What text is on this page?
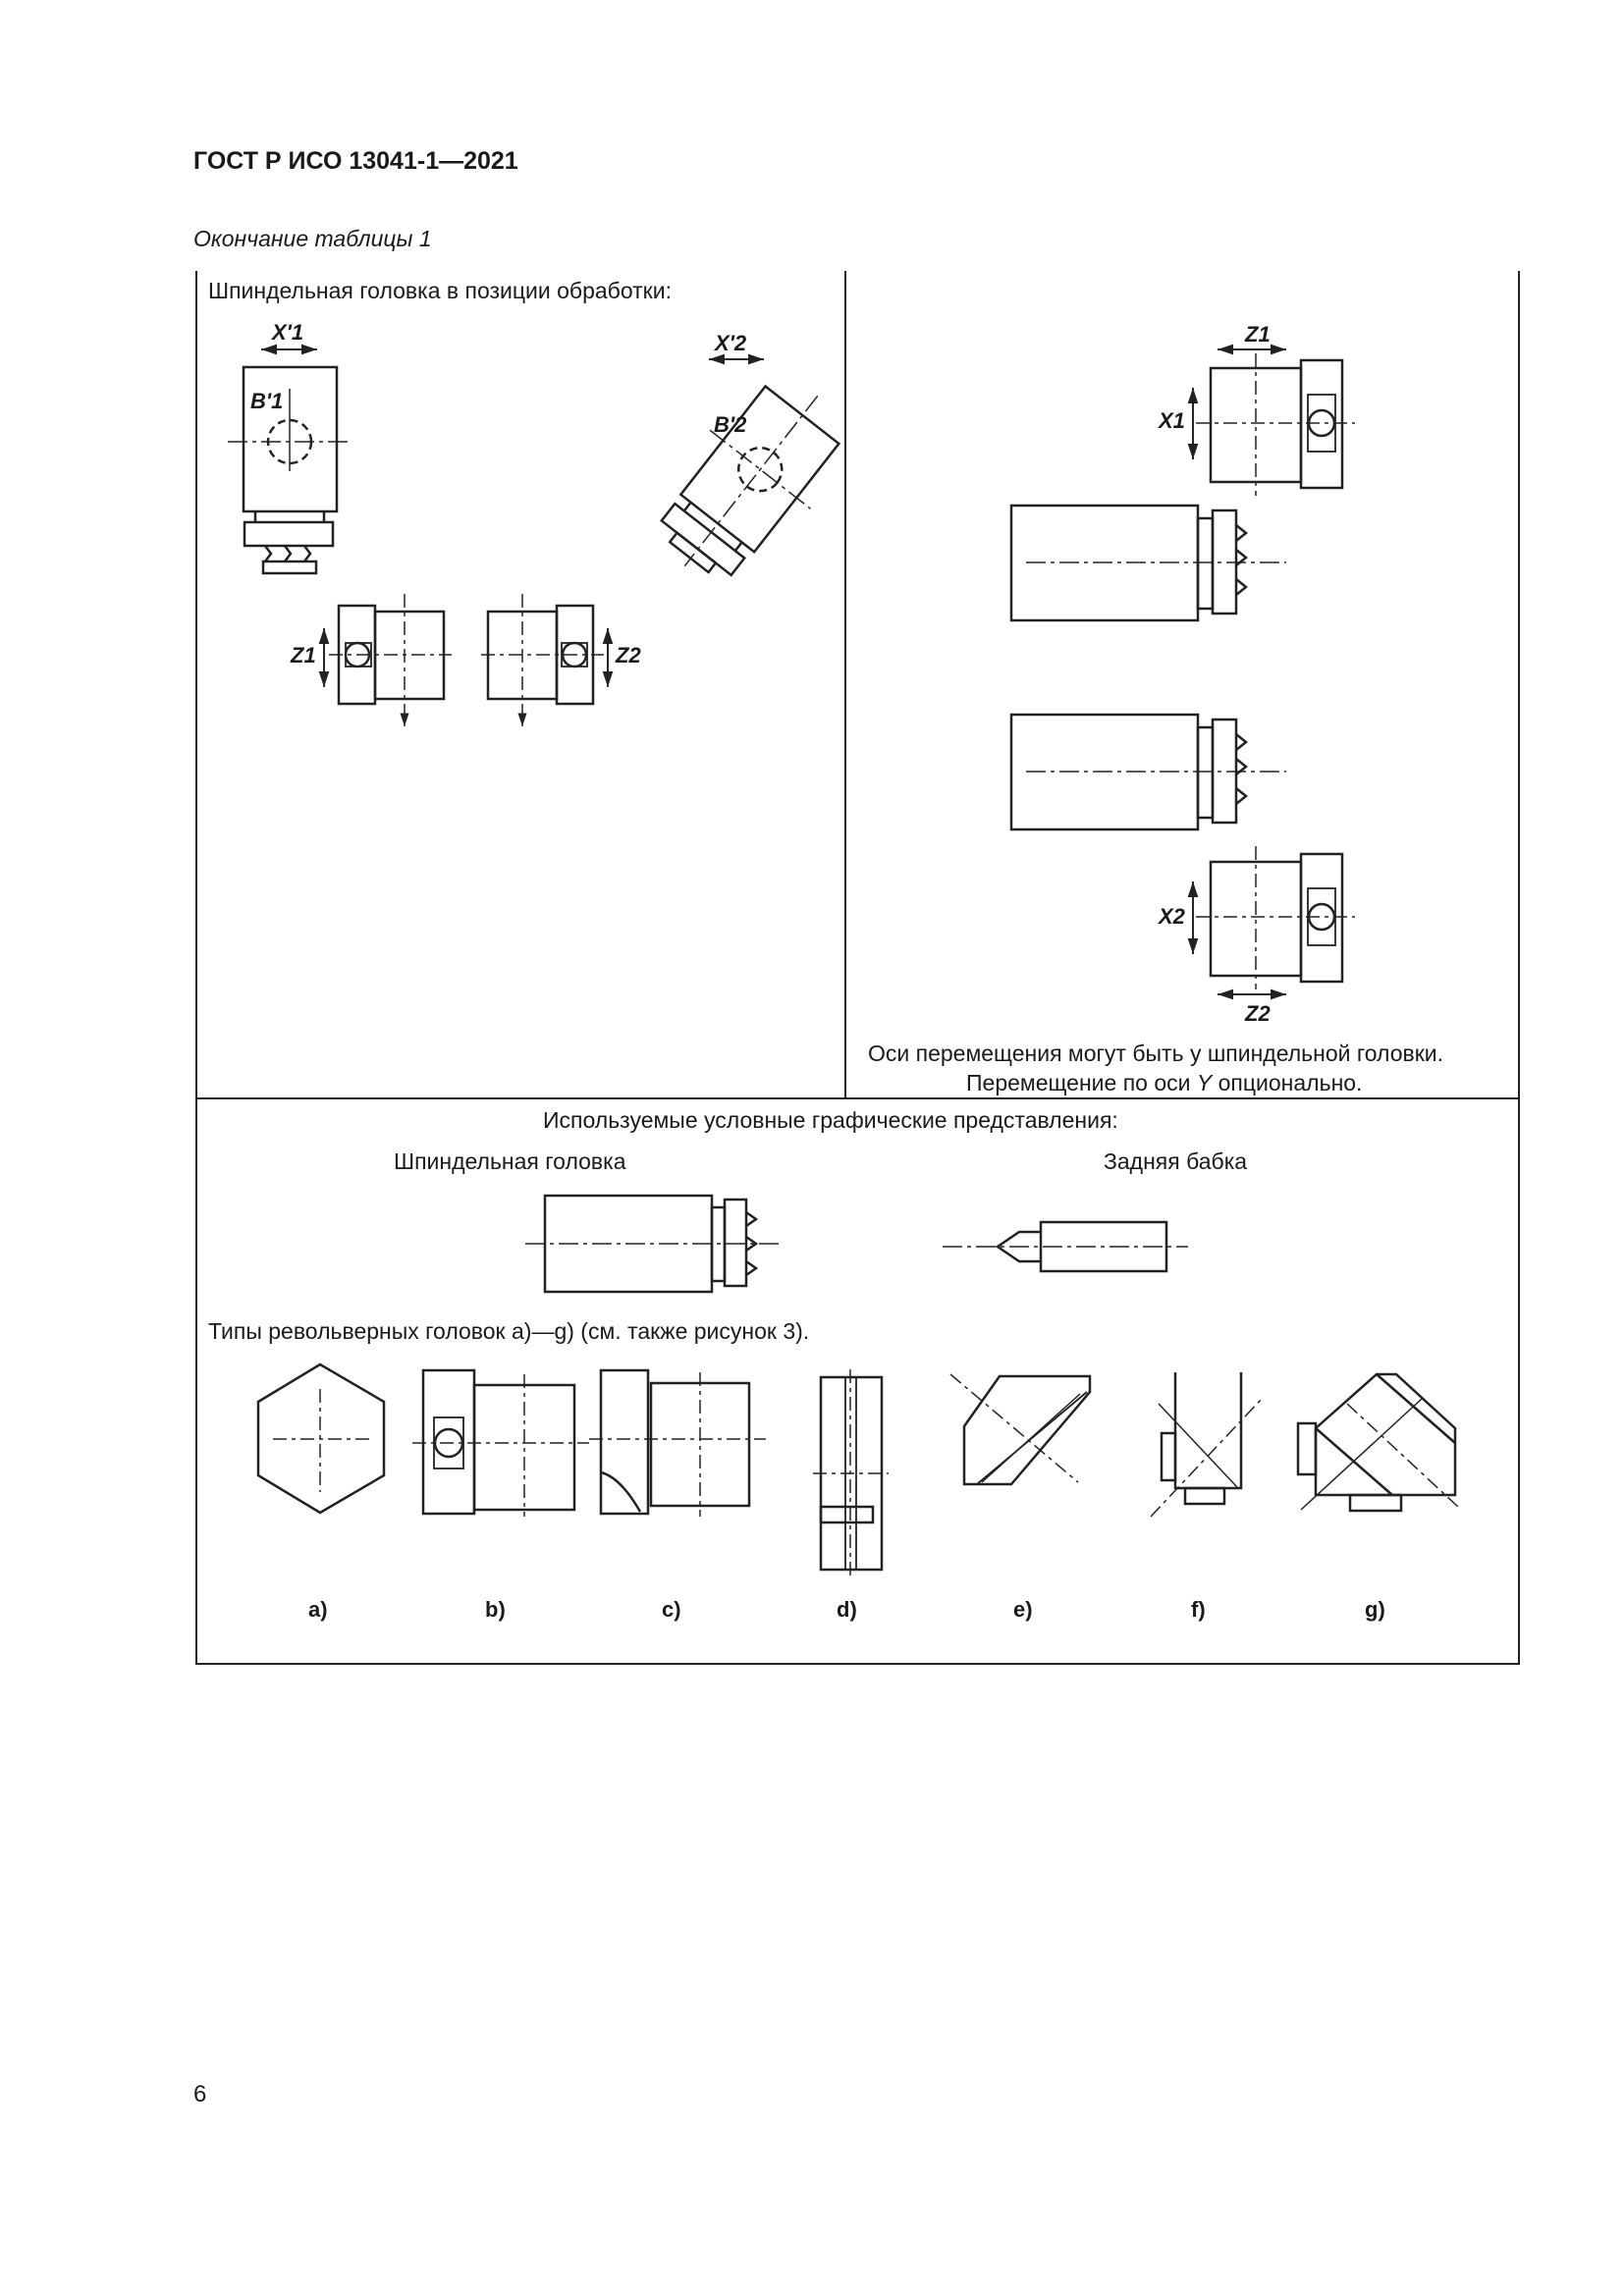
ГОСТ Р ИСО 13041-1—2021
Окончание таблицы 1
Шпиндельная головка в позиции обработки:
X'1
B'1
X'2
B'2
Z1	Z2
Z1
X1
X2
Z2
Оси перемещения могут быть у шпиндельной головки.
Перемещение по оси Y опционально.
Используемые условные графические представления:
Шпиндельная головка	Задняя бабка
Типы револьверных головок a)—g) (см. также рисунок 3).
a)	b)	c)	d)	e)	f)	g)
6
